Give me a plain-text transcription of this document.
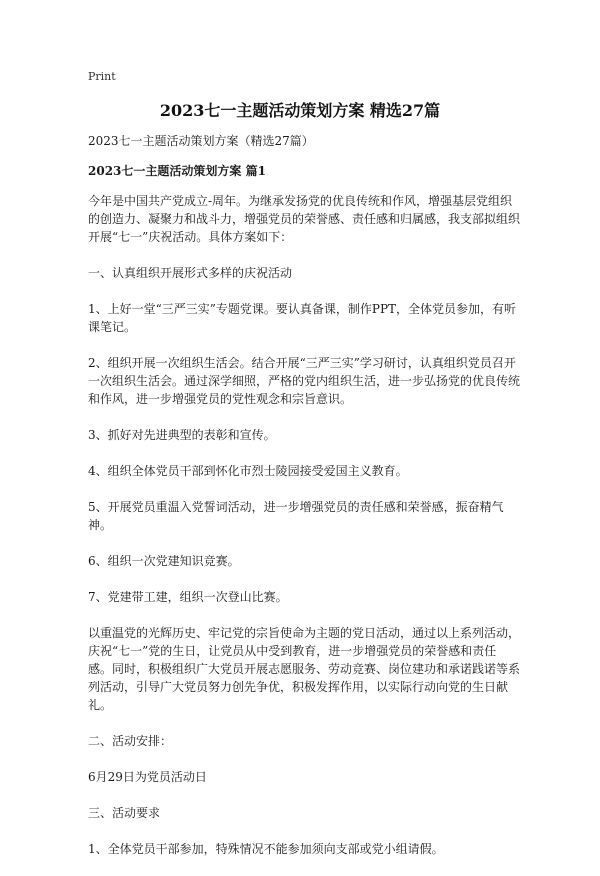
Print
2023七一主题活动策划方案 精选27篇

2023七一主题活动策划方案（精选27篇）

2023七一主题活动策划方案 篇1

今年是中国共产党成立-周年。为继承发扬党的优良传统和作风，增强基层党组织的创造力、凝聚力和战斗力，增强党员的荣誉感、责任感和归属感，我支部拟组织开展“七一”庆祝活动。具体方案如下：

一、认真组织开展形式多样的庆祝活动

1、上好一堂“三严三实”专题党课。要认真备课，制作PPT，全体党员参加，有听课笔记。

2、组织开展一次组织生活会。结合开展“三严三实”学习研讨，认真组织党员召开一次组织生活会。通过深学细照，严格的党内组织生活，进一步弘扬党的优良传统和作风，进一步增强党员的党性观念和宗旨意识。

3、抓好对先进典型的表彰和宣传。

4、组织全体党员干部到怀化市烈士陵园接受爱国主义教育。

5、开展党员重温入党誓词活动，进一步增强党员的责任感和荣誉感，振奋精气神。

6、组织一次党建知识竞赛。

7、党建带工建，组织一次登山比赛。

以重温党的光辉历史、牢记党的宗旨使命为主题的党日活动，通过以上系列活动，庆祝“七一”党的生日，让党员从中受到教育，进一步增强党员的荣誉感和责任感。同时，积极组织广大党员开展志愿服务、劳动竞赛、岗位建功和承诺践诺等系列活动，引导广大党员努力创先争优，积极发挥作用，以实际行动向党的生日献礼。

二、活动安排：

6月29日为党员活动日

三、活动要求

1、全体党员干部参加，特殊情况不能参加须向支部或党小组请假。
